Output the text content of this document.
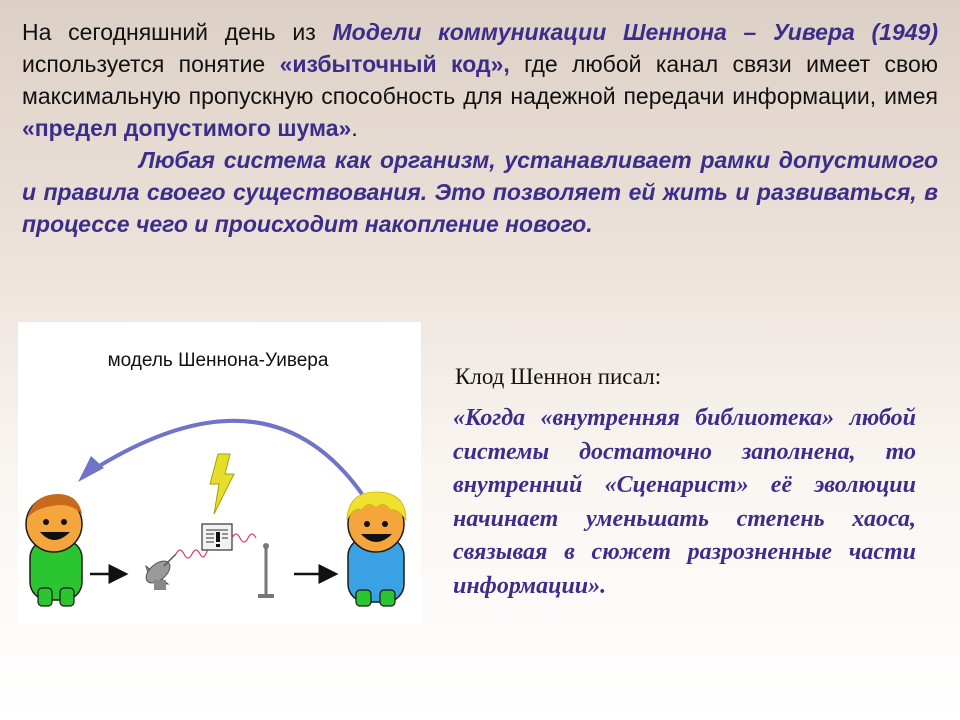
На сегодняшний день из Модели коммуникации Шеннона – Уивера (1949) используется понятие «избыточный код», где любой канал связи имеет свою максимальную пропускную способность для надежной передачи информации, имея «предел допустимого шума».
Любая система как организм, устанавливает рамки допустимого и правила своего существования. Это позволяет ей жить и развиваться, в процессе чего и происходит накопление нового.
модель Шеннона-Уивера
Клод Шеннон писал:
«Когда «внутренняя библиотека» любой системы достаточно заполнена, то внутренний «Сценарист» её эволюции начинает уменьшать степень хаоса, связывая в сюжет разрозненные части информации».
